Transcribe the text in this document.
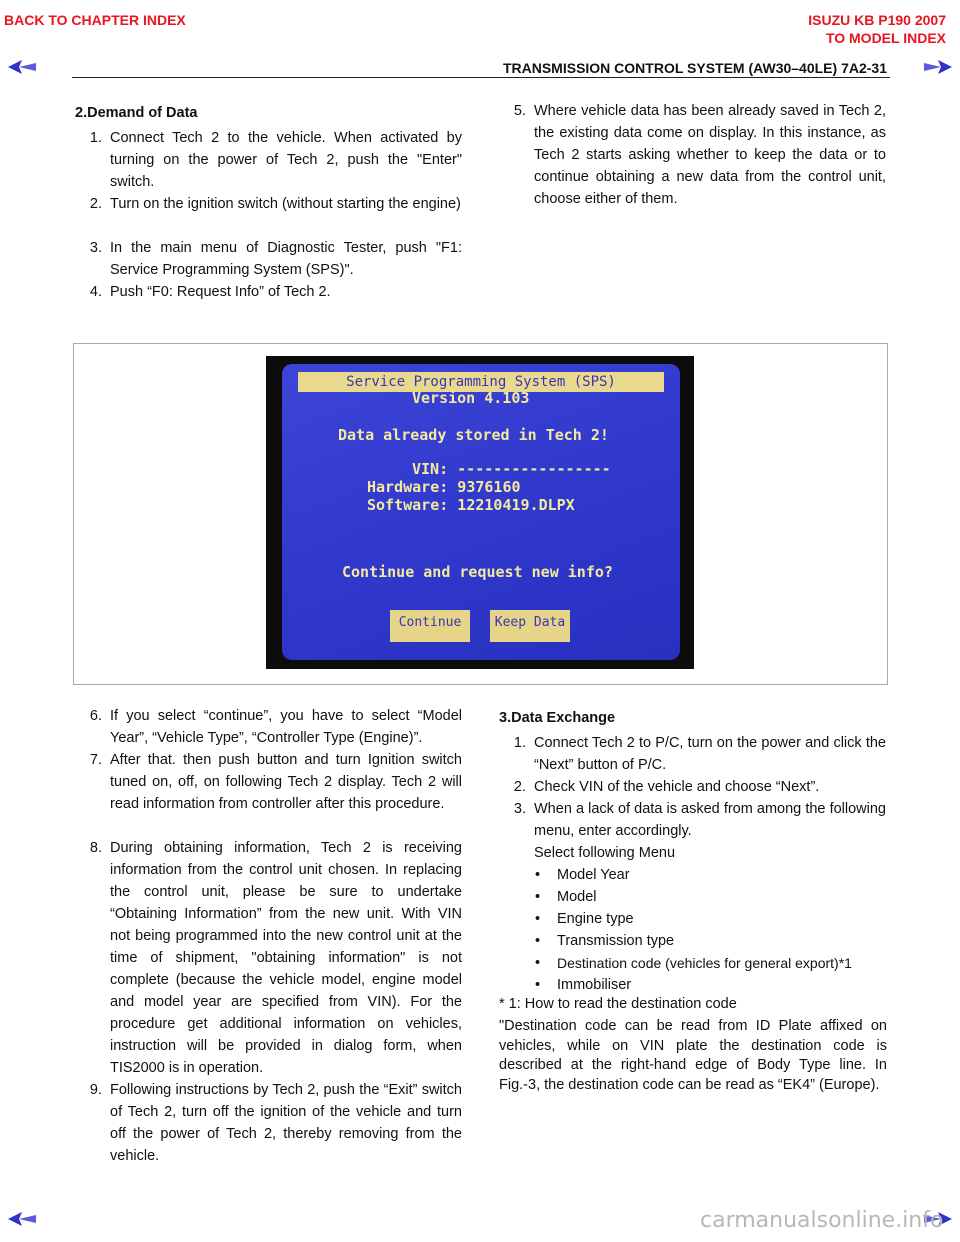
BACK TO CHAPTER INDEX	ISUZU KB P190 2007
TO MODEL INDEX
TRANSMISSION CONTROL SYSTEM (AW30–40LE) 7A2-31
2.Demand of Data
1. Connect Tech 2 to the vehicle. When activated by turning on the power of Tech 2, push the "Enter" switch.
2. Turn on the ignition switch (without starting the engine)
3. In the main menu of Diagnostic Tester, push "F1: Service Programming System (SPS)".
4. Push “F0: Request Info” of Tech 2.
5. Where vehicle data has been already saved in Tech 2, the existing data come on display. In this instance, as Tech 2 starts asking whether to keep the data or to continue obtaining a new data from the control unit, choose either of them.
Service Programming System (SPS)
Version 4.103
Data already stored in Tech 2!
VIN: -----------------
Hardware: 9376160
Software: 12210419.DLPX
Continue and request new info?
Continue	Keep Data
6. If you select “continue”, you have to select “Model Year”, “Vehicle Type”, “Controller Type (Engine)”.
7. After that. then push button and turn Ignition switch tuned on, off, on following Tech 2 display. Tech 2 will read information from controller after this procedure.
8. During obtaining information, Tech 2 is receiving information from the control unit chosen. In replacing the control unit, please be sure to undertake “Obtaining Information” from the new unit. With VIN not being programmed into the new control unit at the time of shipment, "obtaining information" is not complete (because the vehicle model, engine model and model year are specified from VIN). For the procedure get additional information on vehicles, instruction will be provided in dialog form, when TIS2000 is in operation.
9. Following instructions by Tech 2, push the “Exit” switch of Tech 2, turn off the ignition of the vehicle and turn off the power of Tech 2, thereby removing from the vehicle.
3.Data Exchange
1. Connect Tech 2 to P/C, turn on the power and click the “Next” button of P/C.
2. Check VIN of the vehicle and choose “Next”.
3. When a lack of data is asked from among the following menu, enter accordingly.
Select following Menu
• Model Year
• Model
• Engine type
• Transmission type
• Destination code (vehicles for general export)*1
• Immobiliser
* 1: How to read the destination code
"Destination code can be read from ID Plate affixed on vehicles, while on VIN plate the destination code is described at the right-hand edge of Body Type line. In Fig.-3, the destination code can be read as “EK4” (Europe).
carmanualsonline.info
